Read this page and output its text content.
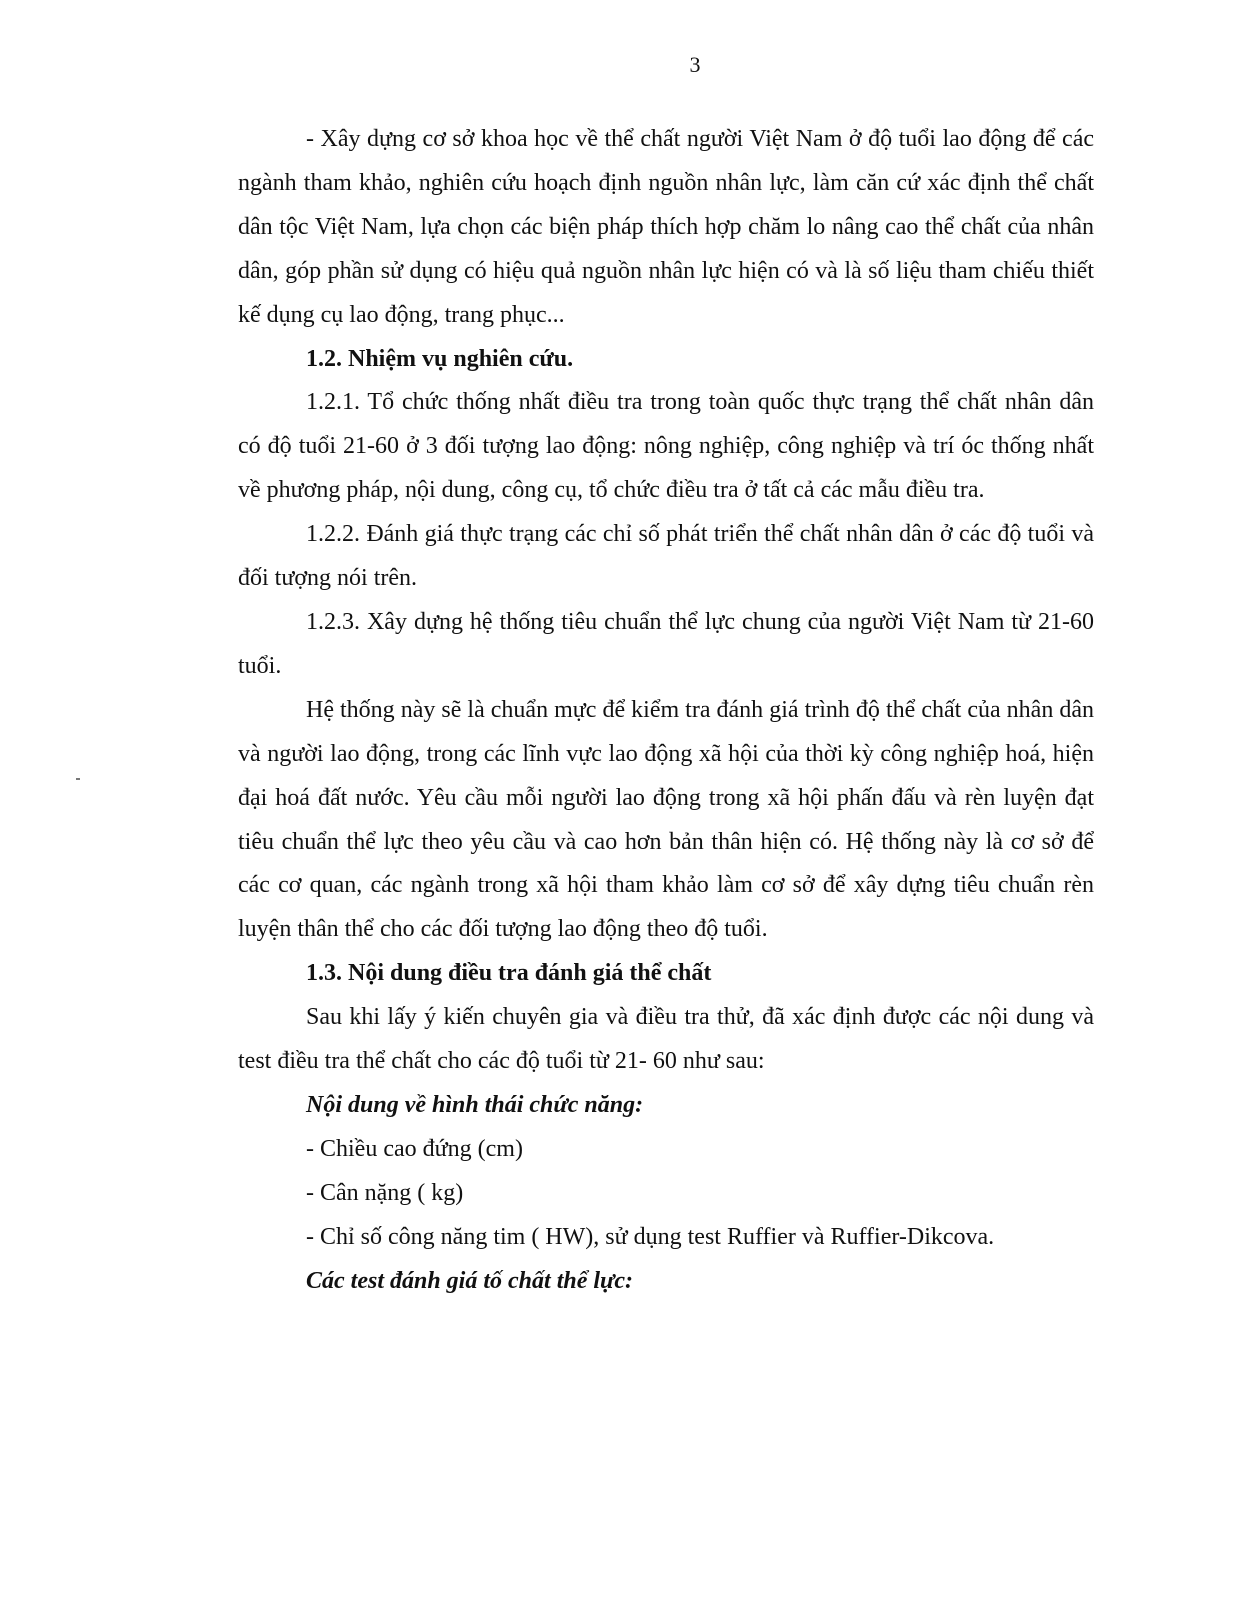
3

- Xây dựng cơ sở khoa học về thể chất người Việt Nam ở độ tuổi lao động để các ngành tham khảo, nghiên cứu hoạch định nguồn nhân lực, làm căn cứ xác định thể chất dân tộc Việt Nam, lựa chọn các biện pháp thích hợp chăm lo nâng cao thể chất của nhân dân, góp phần sử dụng có hiệu quả nguồn nhân lực hiện có và là số liệu tham chiếu thiết kế dụng cụ lao động, trang phục...

1.2. Nhiệm vụ nghiên cứu.

1.2.1. Tổ chức thống nhất điều tra trong toàn quốc thực trạng thể chất nhân dân có độ tuổi 21-60 ở 3 đối tượng lao động: nông nghiệp, công nghiệp và trí óc thống nhất về phương pháp, nội dung, công cụ, tổ chức điều tra ở tất cả các mẫu điều tra.

1.2.2. Đánh giá thực trạng các chỉ số phát triển thể chất nhân dân ở các độ tuổi và đối tượng nói trên.

1.2.3. Xây dựng hệ thống tiêu chuẩn thể lực chung của người Việt Nam từ 21-60 tuổi.

Hệ thống này sẽ là chuẩn mực để kiểm tra đánh giá trình độ thể chất của nhân dân và người lao động, trong các lĩnh vực lao động xã hội của thời kỳ công nghiệp hoá, hiện đại hoá đất nước. Yêu cầu mỗi người lao động trong xã hội phấn đấu và rèn luyện đạt tiêu chuẩn thể lực theo yêu cầu và cao hơn bản thân hiện có. Hệ thống này là cơ sở để các cơ quan, các ngành trong xã hội tham khảo làm cơ sở để xây dựng tiêu chuẩn rèn luyện thân thể cho các đối tượng lao động theo độ tuổi.

1.3. Nội dung điều tra đánh giá thể chất

Sau khi lấy ý kiến chuyên gia và điều tra thử, đã xác định được các nội dung và test điều tra thể chất cho các độ tuổi từ 21- 60 như sau:

Nội dung về hình thái chức năng:

- Chiều cao đứng (cm)

- Cân nặng ( kg)

- Chỉ số công năng tim ( HW), sử dụng test Ruffier và Ruffier-Dikcova.

Các test đánh giá tố chất thể lực:
